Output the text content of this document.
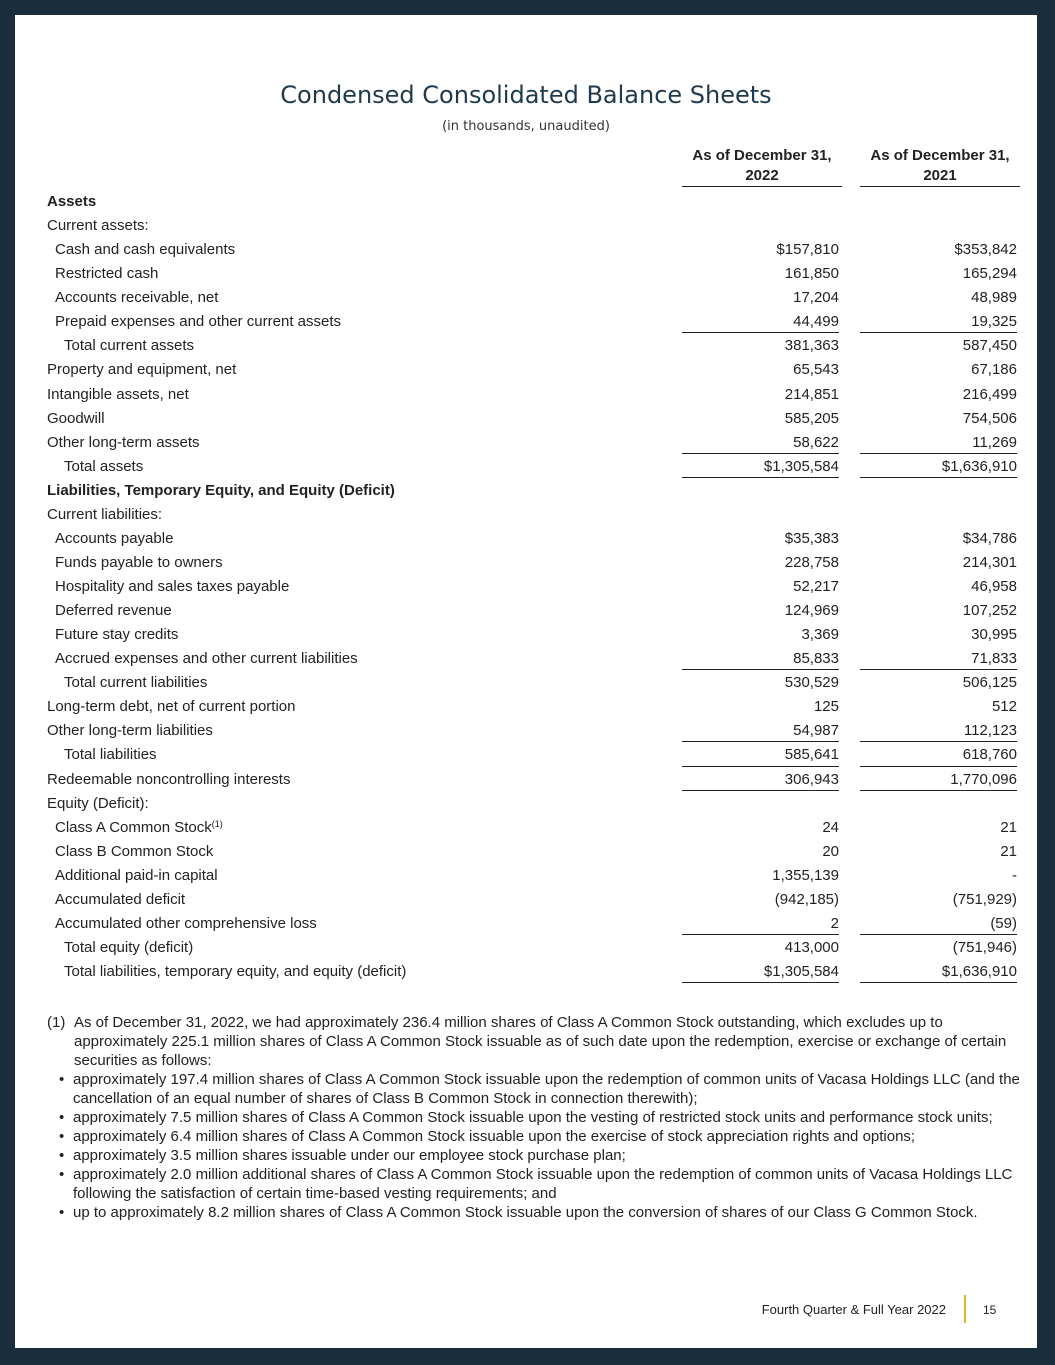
Condensed Consolidated Balance Sheets
(in thousands, unaudited)
As of December 31, 2022
As of December 31, 2021
Assets
Current assets:
Cash and cash equivalents	$157,810	$353,842
Restricted cash	161,850	165,294
Accounts receivable, net	17,204	48,989
Prepaid expenses and other current assets	44,499	19,325
Total current assets	381,363	587,450
Property and equipment, net	65,543	67,186
Intangible assets, net	214,851	216,499
Goodwill	585,205	754,506
Other long-term assets	58,622	11,269
Total assets	$1,305,584	$1,636,910
Liabilities, Temporary Equity, and Equity (Deficit)
Current liabilities:
Accounts payable	$35,383	$34,786
Funds payable to owners	228,758	214,301
Hospitality and sales taxes payable	52,217	46,958
Deferred revenue	124,969	107,252
Future stay credits	3,369	30,995
Accrued expenses and other current liabilities	85,833	71,833
Total current liabilities	530,529	506,125
Long-term debt, net of current portion	125	512
Other long-term liabilities	54,987	112,123
Total liabilities	585,641	618,760
Redeemable noncontrolling interests	306,943	1,770,096
Equity (Deficit):
Class A Common Stock$^{(1)}$	24	21
Class B Common Stock	20	21
Additional paid-in capital	1,355,139	-
Accumulated deficit	(942,185)	(751,929)
Accumulated other comprehensive loss	2	(59)
Total equity (deficit)	413,000	(751,946)
Total liabilities, temporary equity, and equity (deficit)	$1,305,584	$1,636,910
(1) As of December 31, 2022, we had approximately 236.4 million shares of Class A Common Stock outstanding, which excludes up to approximately 225.1 million shares of Class A Common Stock issuable as of such date upon the redemption, exercise or exchange of certain securities as follows:
• approximately 197.4 million shares of Class A Common Stock issuable upon the redemption of common units of Vacasa Holdings LLC (and the cancellation of an equal number of shares of Class B Common Stock in connection therewith);
• approximately 7.5 million shares of Class A Common Stock issuable upon the vesting of restricted stock units and performance stock units;
• approximately 6.4 million shares of Class A Common Stock issuable upon the exercise of stock appreciation rights and options;
• approximately 3.5 million shares issuable under our employee stock purchase plan;
• approximately 2.0 million additional shares of Class A Common Stock issuable upon the redemption of common units of Vacasa Holdings LLC following the satisfaction of certain time-based vesting requirements; and
• up to approximately 8.2 million shares of Class A Common Stock issuable upon the conversion of shares of our Class G Common Stock.
Fourth Quarter & Full Year 2022	15
